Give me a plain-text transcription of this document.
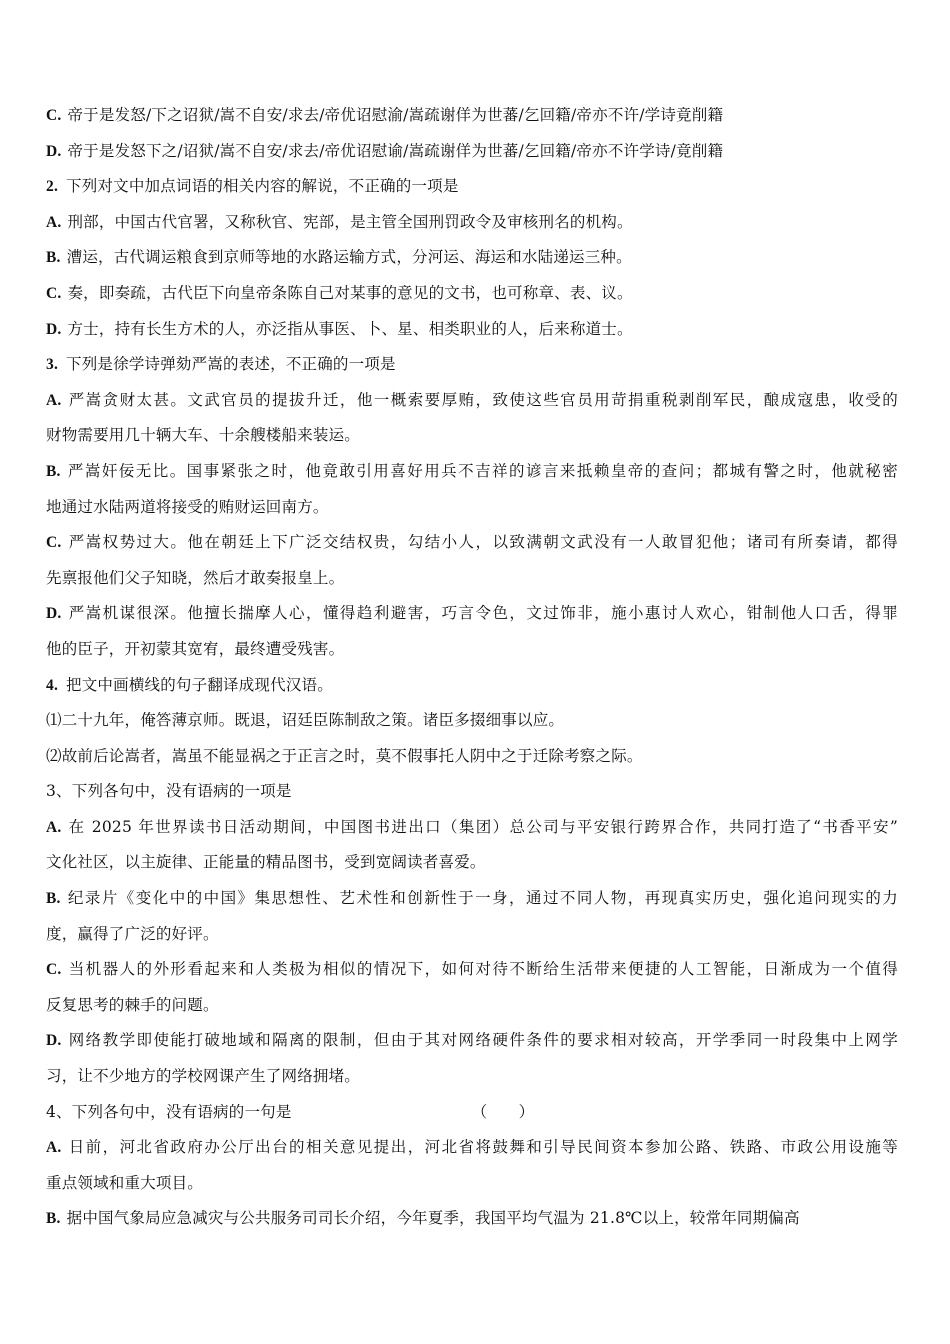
C. 帝于是发怒/下之诏狱/嵩不自安/求去/帝优诏慰渝/嵩疏谢佯为世蕃/乞回籍/帝亦不许/学诗竟削籍
D. 帝于是发怒下之/诏狱/嵩不自安/求去/帝优诏慰谕/嵩疏谢佯为世蕃/乞回籍/帝亦不许学诗/竟削籍
2. 下列对文中加点词语的相关内容的解说，不正确的一项是
A. 刑部，中国古代官署，又称秋官、宪部，是主管全国刑罚政令及审核刑名的机构。
B. 漕运，古代调运粮食到京师等地的水路运输方式，分河运、海运和水陆递运三种。
C. 奏，即奏疏，古代臣下向皇帝条陈自己对某事的意见的文书，也可称章、表、议。
D. 方士，持有长生方术的人，亦泛指从事医、卜、星、相类职业的人，后来称道士。
3. 下列是徐学诗弹劾严嵩的表述，不正确的一项是
A. 严嵩贪财太甚。文武官员的提拔升迁，他一概索要厚贿，致使这些官员用苛捐重税剥削军民，酿成寇患，收受的
财物需要用几十辆大车、十余艘楼船来装运。
B. 严嵩奸佞无比。国事紧张之时，他竟敢引用喜好用兵不吉祥的谚言来抵赖皇帝的查问；都城有警之时，他就秘密
地通过水陆两道将接受的贿财运回南方。
C. 严嵩权势过大。他在朝廷上下广泛交结权贵，勾结小人，以致满朝文武没有一人敢冒犯他；诸司有所奏请，都得
先禀报他们父子知晓，然后才敢奏报皇上。
D. 严嵩机谋很深。他擅长揣摩人心，懂得趋利避害，巧言令色，文过饰非，施小惠讨人欢心，钳制他人口舌，得罪
他的臣子，开初蒙其宽宥，最终遭受残害。
4. 把文中画横线的句子翻译成现代汉语。
⑴二十九年，俺答薄京师。既退，诏廷臣陈制敌之策。诸臣多掇细事以应。
⑵故前后论嵩者，嵩虽不能显祸之于正言之时，莫不假事托人阴中之于迁除考察之际。
3、下列各句中，没有语病的一项是
A. 在 2025 年世界读书日活动期间，中国图书进出口（集团）总公司与平安银行跨界合作，共同打造了“书香平安”
文化社区，以主旋律、正能量的精品图书，受到宽阔读者喜爱。
B. 纪录片《变化中的中国》集思想性、艺术性和创新性于一身，通过不同人物，再现真实历史，强化追问现实的力
度，赢得了广泛的好评。
C. 当机器人的外形看起来和人类极为相似的情况下，如何对待不断给生活带来便捷的人工智能，日渐成为一个值得
反复思考的棘手的问题。
D. 网络教学即使能打破地域和隔离的限制，但由于其对网络硬件条件的要求相对较高，开学季同一时段集中上网学
习，让不少地方的学校网课产生了网络拥堵。
4、下列各句中，没有语病的一句是	（　　）
A. 日前，河北省政府办公厅出台的相关意见提出，河北省将鼓舞和引导民间资本参加公路、铁路、市政公用设施等
重点领域和重大项目。
B. 据中国气象局应急减灾与公共服务司司长介绍，今年夏季，我国平均气温为 21.8℃以上，较常年同期偏高
